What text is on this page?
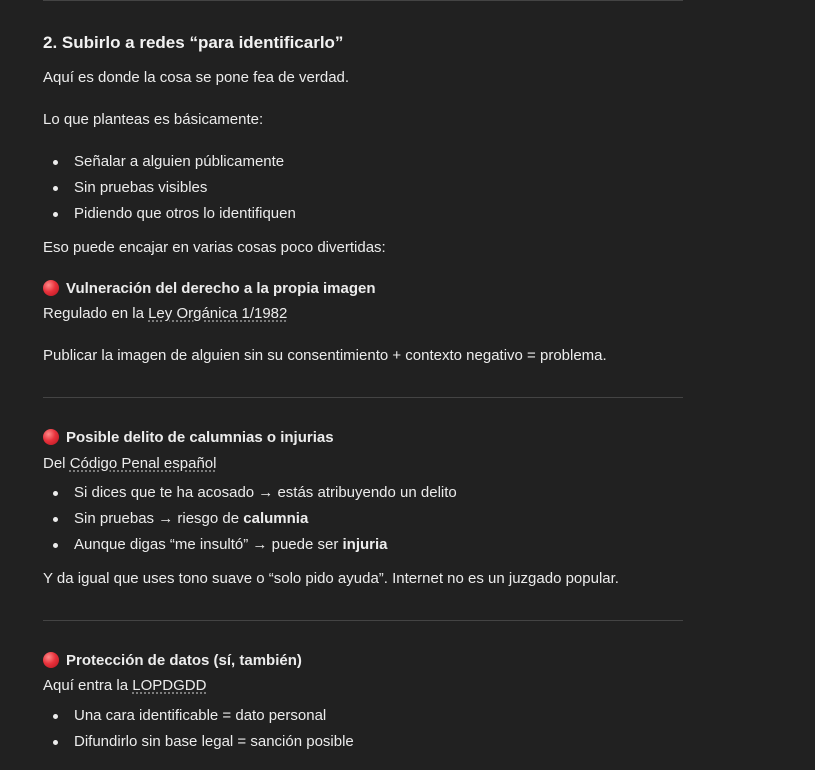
2. Subirlo a redes “para identificarlo”
Aquí es donde la cosa se pone fea de verdad.
Lo que planteas es básicamente:
Señalar a alguien públicamente
Sin pruebas visibles
Pidiendo que otros lo identifiquen
Eso puede encajar en varias cosas poco divertidas:
Vulneración del derecho a la propia imagen
Regulado en la Ley Orgánica 1/1982
Publicar la imagen de alguien sin su consentimiento + contexto negativo = problema.
Posible delito de calumnias o injurias
Del Código Penal español
Si dices que te ha acosado → estás atribuyendo un delito
Sin pruebas → riesgo de calumnia
Aunque digas “me insultó” → puede ser injuria
Y da igual que uses tono suave o “solo pido ayuda”. Internet no es un juzgado popular.
Protección de datos (sí, también)
Aquí entra la LOPDGDD
Una cara identificable = dato personal
Difundirlo sin base legal = sanción posible
